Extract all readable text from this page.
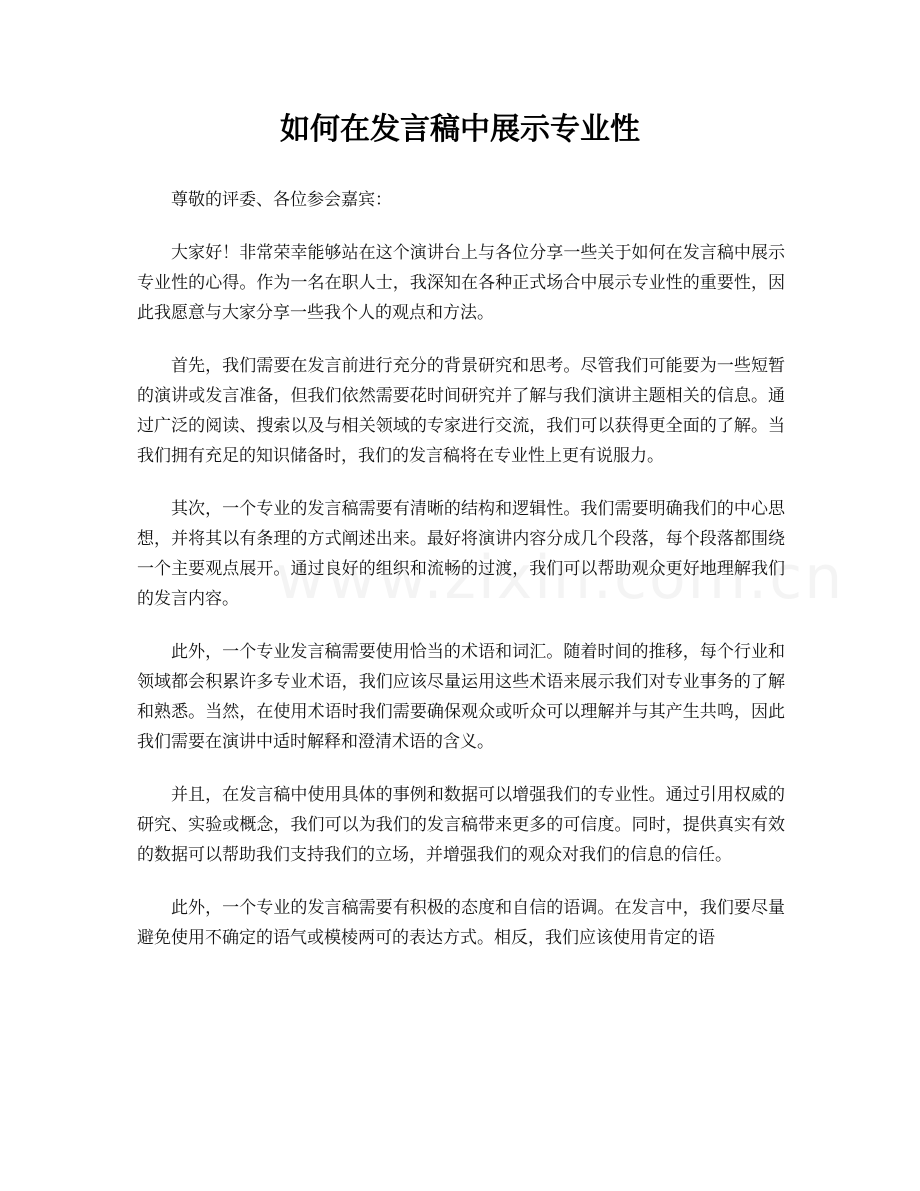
如何在发言稿中展示专业性

尊敬的评委、各位参会嘉宾：

大家好！非常荣幸能够站在这个演讲台上与各位分享一些关于如何在发言稿中展示专业性的心得。作为一名在职人士，我深知在各种正式场合中展示专业性的重要性，因此我愿意与大家分享一些我个人的观点和方法。

首先，我们需要在发言前进行充分的背景研究和思考。尽管我们可能要为一些短暂的演讲或发言准备，但我们依然需要花时间研究并了解与我们演讲主题相关的信息。通过广泛的阅读、搜索以及与相关领域的专家进行交流，我们可以获得更全面的了解。当我们拥有充足的知识储备时，我们的发言稿将在专业性上更有说服力。

其次，一个专业的发言稿需要有清晰的结构和逻辑性。我们需要明确我们的中心思想，并将其以有条理的方式阐述出来。最好将演讲内容分成几个段落，每个段落都围绕一个主要观点展开。通过良好的组织和流畅的过渡，我们可以帮助观众更好地理解我们的发言内容。

此外，一个专业发言稿需要使用恰当的术语和词汇。随着时间的推移，每个行业和领域都会积累许多专业术语，我们应该尽量运用这些术语来展示我们对专业事务的了解和熟悉。当然，在使用术语时我们需要确保观众或听众可以理解并与其产生共鸣，因此我们需要在演讲中适时解释和澄清术语的含义。

并且，在发言稿中使用具体的事例和数据可以增强我们的专业性。通过引用权威的研究、实验或概念，我们可以为我们的发言稿带来更多的可信度。同时，提供真实有效的数据可以帮助我们支持我们的立场，并增强我们的观众对我们的信息的信任。

此外，一个专业的发言稿需要有积极的态度和自信的语调。在发言中，我们要尽量避免使用不确定的语气或模棱两可的表达方式。相反，我们应该使用肯定的语
